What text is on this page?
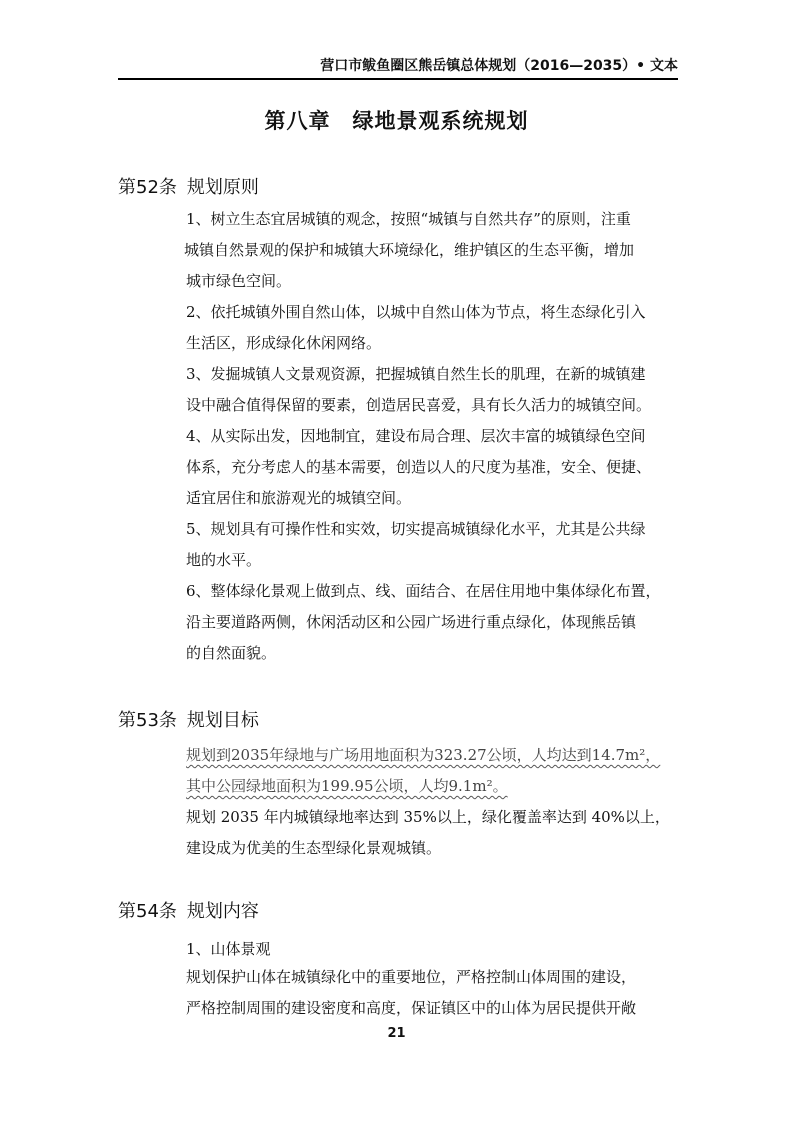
营口市鲅鱼圈区熊岳镇总体规划（2016—2035）• 文本
第八章 绿地景观系统规划
第52条 规划原则
1、树立生态宜居城镇的观念，按照“城镇与自然共存”的原则，注重
城镇自然景观的保护和城镇大环境绿化，维护镇区的生态平衡，增加
城市绿色空间。
2、依托城镇外围自然山体，以城中自然山体为节点，将生态绿化引入
生活区，形成绿化休闲网络。
3、发掘城镇人文景观资源，把握城镇自然生长的肌理，在新的城镇建
设中融合值得保留的要素，创造居民喜爱，具有长久活力的城镇空间。
4、从实际出发，因地制宜，建设布局合理、层次丰富的城镇绿色空间
体系，充分考虑人的基本需要，创造以人的尺度为基准，安全、便捷、
适宜居住和旅游观光的城镇空间。
5、规划具有可操作性和实效，切实提高城镇绿化水平，尤其是公共绿
地的水平。
6、整体绿化景观上做到点、线、面结合、在居住用地中集体绿化布置，
沿主要道路两侧，休闲活动区和公园广场进行重点绿化，体现熊岳镇
的自然面貌。
第53条 规划目标
规划到2035年绿地与广场用地面积为323.27公顷，人均达到14.7m²，
其中公园绿地面积为199.95公顷，人均9.1m²。
规划 2035 年内城镇绿地率达到 35%以上，绿化覆盖率达到 40%以上，
建设成为优美的生态型绿化景观城镇。
第54条 规划内容
1、山体景观
规划保护山体在城镇绿化中的重要地位，严格控制山体周围的建设，
严格控制周围的建设密度和高度，保证镇区中的山体为居民提供开敞
21
